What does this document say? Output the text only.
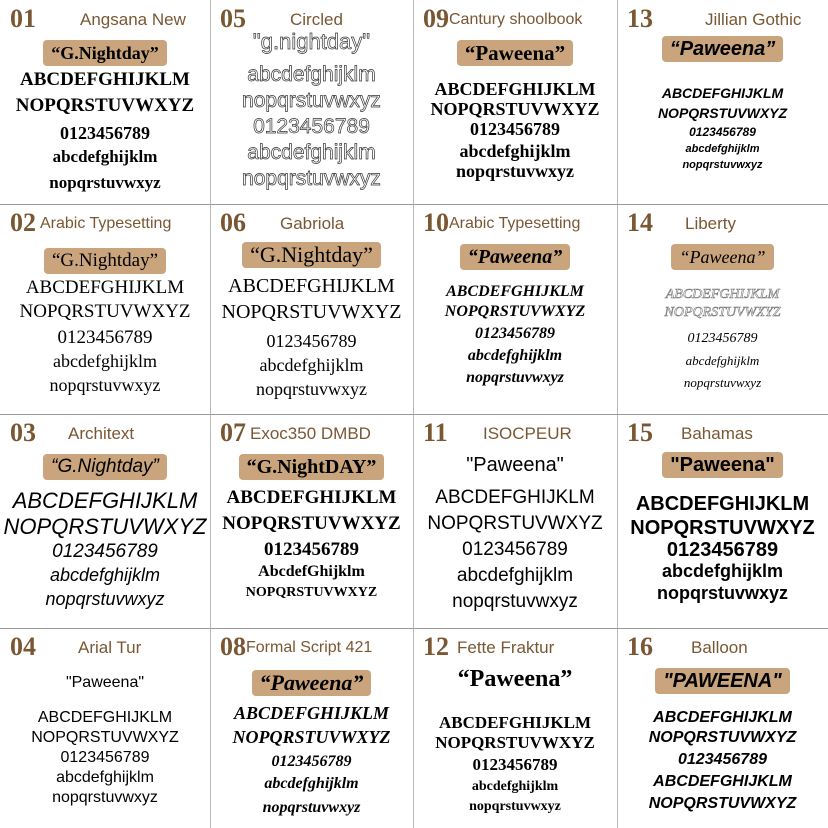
01	Angsana New
“G.Nightday”
ABCDEFGHIJKLM
NOPQRSTUVWXYZ
0123456789
abcdefghijklm
nopqrstuvwxyz
02 Arabic Typesetting
“G.Nightday”
ABCDEFGHIJKLM
NOPQRSTUVWXYZ
0123456789
abcdefghijklm
nopqrstuvwxyz
03 Architext
“G.Nightday”
ABCDEFGHIJKLM
NOPQRSTUVWXYZ
0123456789
abcdefghijklm
nopqrstuvwxyz
04 Arial Tur
"Paweena"
ABCDEFGHIJKLM
NOPQRSTUVWXYZ
0123456789
abcdefghijklm
nopqrstuvwxyz
05	Circled
"g.nightday"
abcdefghijklm
nopqrstuvwxyz
0123456789
abcdefghijklm
nopqrstuvwxyz
06 Gabriola
“G.Nightday”
ABCDEFGHIJKLM
NOPQRSTUVWXYZ
0123456789
abcdefghijklm
nopqrstuvwxyz
07 Exoc350 DMBD
“G.NightDAY”
ABCDEFGHIJKLM
NOPQRSTUVWXYZ
0123456789
AbcdefGhijklm
NOPQRSTUVWXYZ
08 Formal Script 421
“Paweena”
ABCDEFGHIJKLM
NOPQRSTUVWXYZ
0123456789
abcdefghijklm
nopqrstuvwxyz
09 Cantury shoolbook
“Paweena”
ABCDEFGHIJKLM
NOPQRSTUVWXYZ
0123456789
abcdefghijklm
nopqrstuvwxyz
10 Arabic Typesetting
“Paweena”
ABCDEFGHIJKLM
NOPQRSTUVWXYZ
0123456789
abcdefghijklm
nopqrstuvwxyz
11 ISOCPEUR
"Paweena"
ABCDEFGHIJKLM
NOPQRSTUVWXYZ
0123456789
abcdefghijklm
nopqrstuvwxyz
12 Fette Fraktur
“Paweena”
ABCDEFGHIJKLM
NOPQRSTUVWXYZ
0123456789
abcdefghijklm
nopqrstuvwxyz
13	Jillian Gothic
“Paweena”
ABCDEFGHIJKLM
NOPQRSTUVWXYZ
0123456789
abcdefghijklm
nopqrstuvwxyz
14 Liberty
“Paweena”
ABCDEFGHIJKLM
NOPQRSTUVWXYZ
0123456789
abcdefghijklm
nopqrstuvwxyz
15 Bahamas
"Paweena"
ABCDEFGHIJKLM
NOPQRSTUVWXYZ
0123456789
abcdefghijklm
nopqrstuvwxyz
16 Balloon
"PAWEENA"
ABCDEFGHIJKLM
NOPQRSTUVWXYZ
0123456789
ABCDEFGHIJKLM
NOPQRSTUVWXYZ
